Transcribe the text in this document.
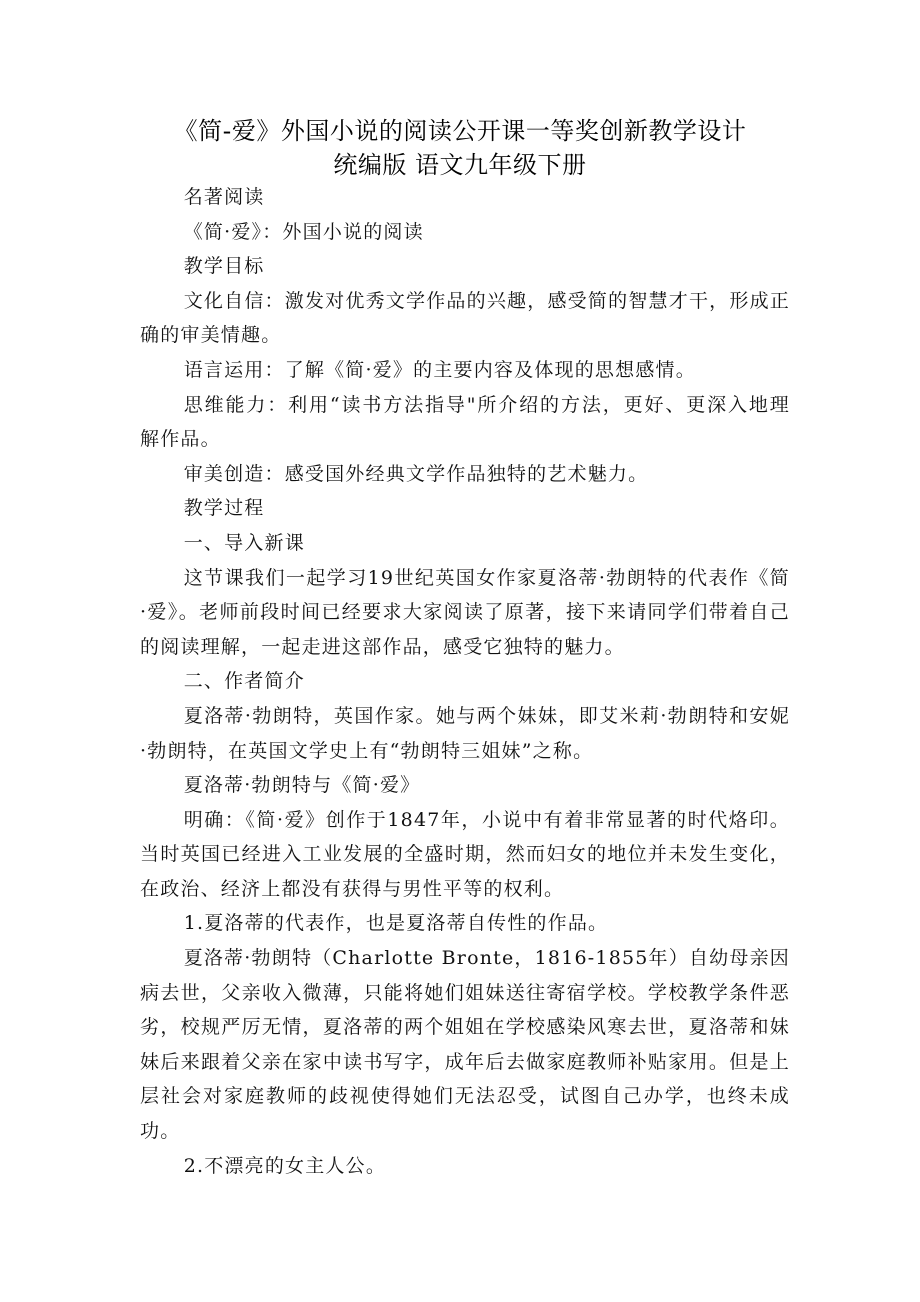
《简-爱》外国小说的阅读公开课一等奖创新教学设计
统编版 语文九年级下册

名著阅读

《简·爱》：外国小说的阅读

教学目标

文化自信：激发对优秀文学作品的兴趣，感受简的智慧才干，形成正确的审美情趣。

语言运用：了解《简·爱》的主要内容及体现的思想感情。

思维能力：利用“读书方法指导"所介绍的方法，更好、更深入地理解作品。

审美创造：感受国外经典文学作品独特的艺术魅力。

教学过程

一、导入新课

这节课我们一起学习19世纪英国女作家夏洛蒂·勃朗特的代表作《简·爱》。老师前段时间已经要求大家阅读了原著，接下来请同学们带着自己的阅读理解，一起走进这部作品，感受它独特的魅力。

二、作者简介

夏洛蒂·勃朗特，英国作家。她与两个妹妹，即艾米莉·勃朗特和安妮·勃朗特，在英国文学史上有“勃朗特三姐妹”之称。

夏洛蒂·勃朗特与《简·爱》

明确：《简·爱》创作于1847年，小说中有着非常显著的时代烙印。当时英国已经进入工业发展的全盛时期，然而妇女的地位并未发生变化，在政治、经济上都没有获得与男性平等的权利。

1.夏洛蒂的代表作，也是夏洛蒂自传性的作品。

夏洛蒂·勃朗特（Charlotte Bronte，1816-1855年）自幼母亲因病去世，父亲收入微薄，只能将她们姐妹送往寄宿学校。学校教学条件恶劣，校规严厉无情，夏洛蒂的两个姐姐在学校感染风寒去世，夏洛蒂和妹妹后来跟着父亲在家中读书写字，成年后去做家庭教师补贴家用。但是上层社会对家庭教师的歧视使得她们无法忍受，试图自己办学，也终未成功。

2.不漂亮的女主人公。
